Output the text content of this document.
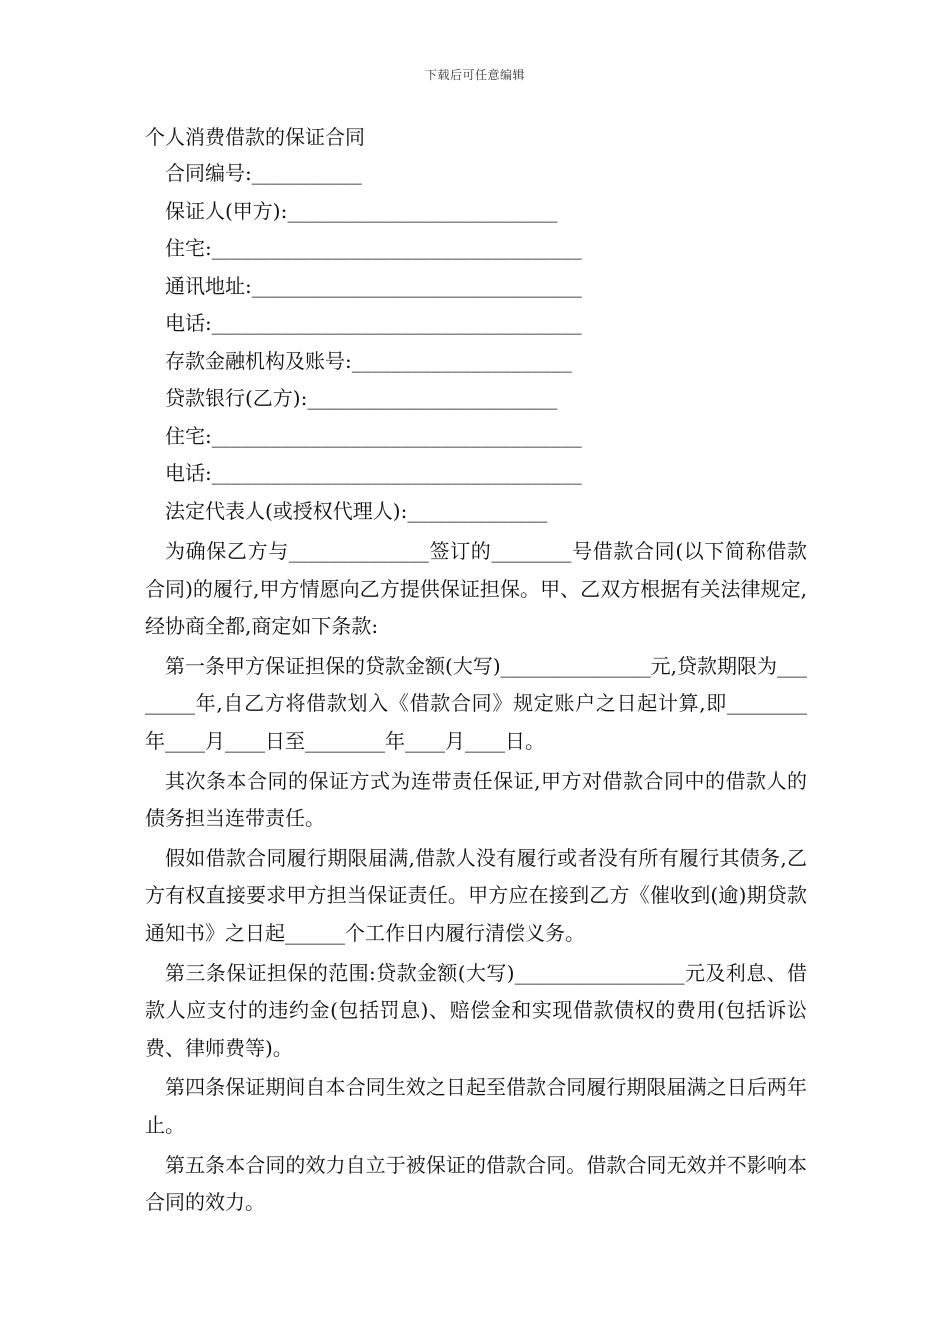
下载后可任意编辑
个人消费借款的保证合同
合同编号:___________
保证人(甲方):___________________________
住宅:_____________________________________
通讯地址:_________________________________
电话:_____________________________________
存款金融机构及账号:______________________
贷款银行(乙方):_________________________
住宅:_____________________________________
电话:_____________________________________
法定代表人(或授权代理人):______________

为确保乙方与______________签订的________号借款合同(以下简称借款合同)的履行,甲方情愿向乙方提供保证担保。甲、乙双方根据有关法律规定,经协商全都,商定如下条款:

第一条甲方保证担保的贷款金额(大写)_______________元,贷款期限为________年,自乙方将借款划入《借款合同》规定账户之日起计算,即________年____月____日至________年____月____日。

其次条本合同的保证方式为连带责任保证,甲方对借款合同中的借款人的债务担当连带责任。

假如借款合同履行期限届满,借款人没有履行或者没有所有履行其债务,乙方有权直接要求甲方担当保证责任。甲方应在接到乙方《催收到(逾)期贷款通知书》之日起______个工作日内履行清偿义务。

第三条保证担保的范围:贷款金额(大写)_________________元及利息、借款人应支付的违约金(包括罚息)、赔偿金和实现借款债权的费用(包括诉讼费、律师费等)。

第四条保证期间自本合同生效之日起至借款合同履行期限届满之日后两年止。

第五条本合同的效力自立于被保证的借款合同。借款合同无效并不影响本合同的效力。
